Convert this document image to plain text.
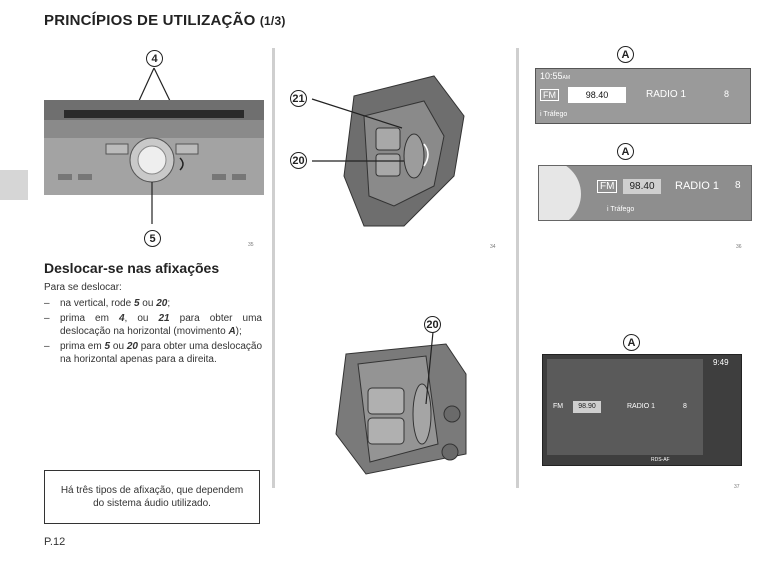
PRINCÍPIOS DE UTILIZAÇÃO (1/3)
4
5
35
21
20
34
20
A
10:55AM
FM	98.40	RADIO 1	8
i Tráfego
A
FM	98.40	RADIO 1 8
i Tráfego
36
A
9:49
FM	98.90	RADIO 1	8
RDS-AF
37
Deslocar-se nas afixações

Para se deslocar:

– na vertical, rode 5 ou 20;
– prima em 4, ou 21 para obter uma deslocação na horizontal (movimento A);
– prima em 5 ou 20 para obter uma deslocação na horizontal apenas para a direita.
Há três tipos de afixação, que dependem do sistema áudio utilizado.
P.12
